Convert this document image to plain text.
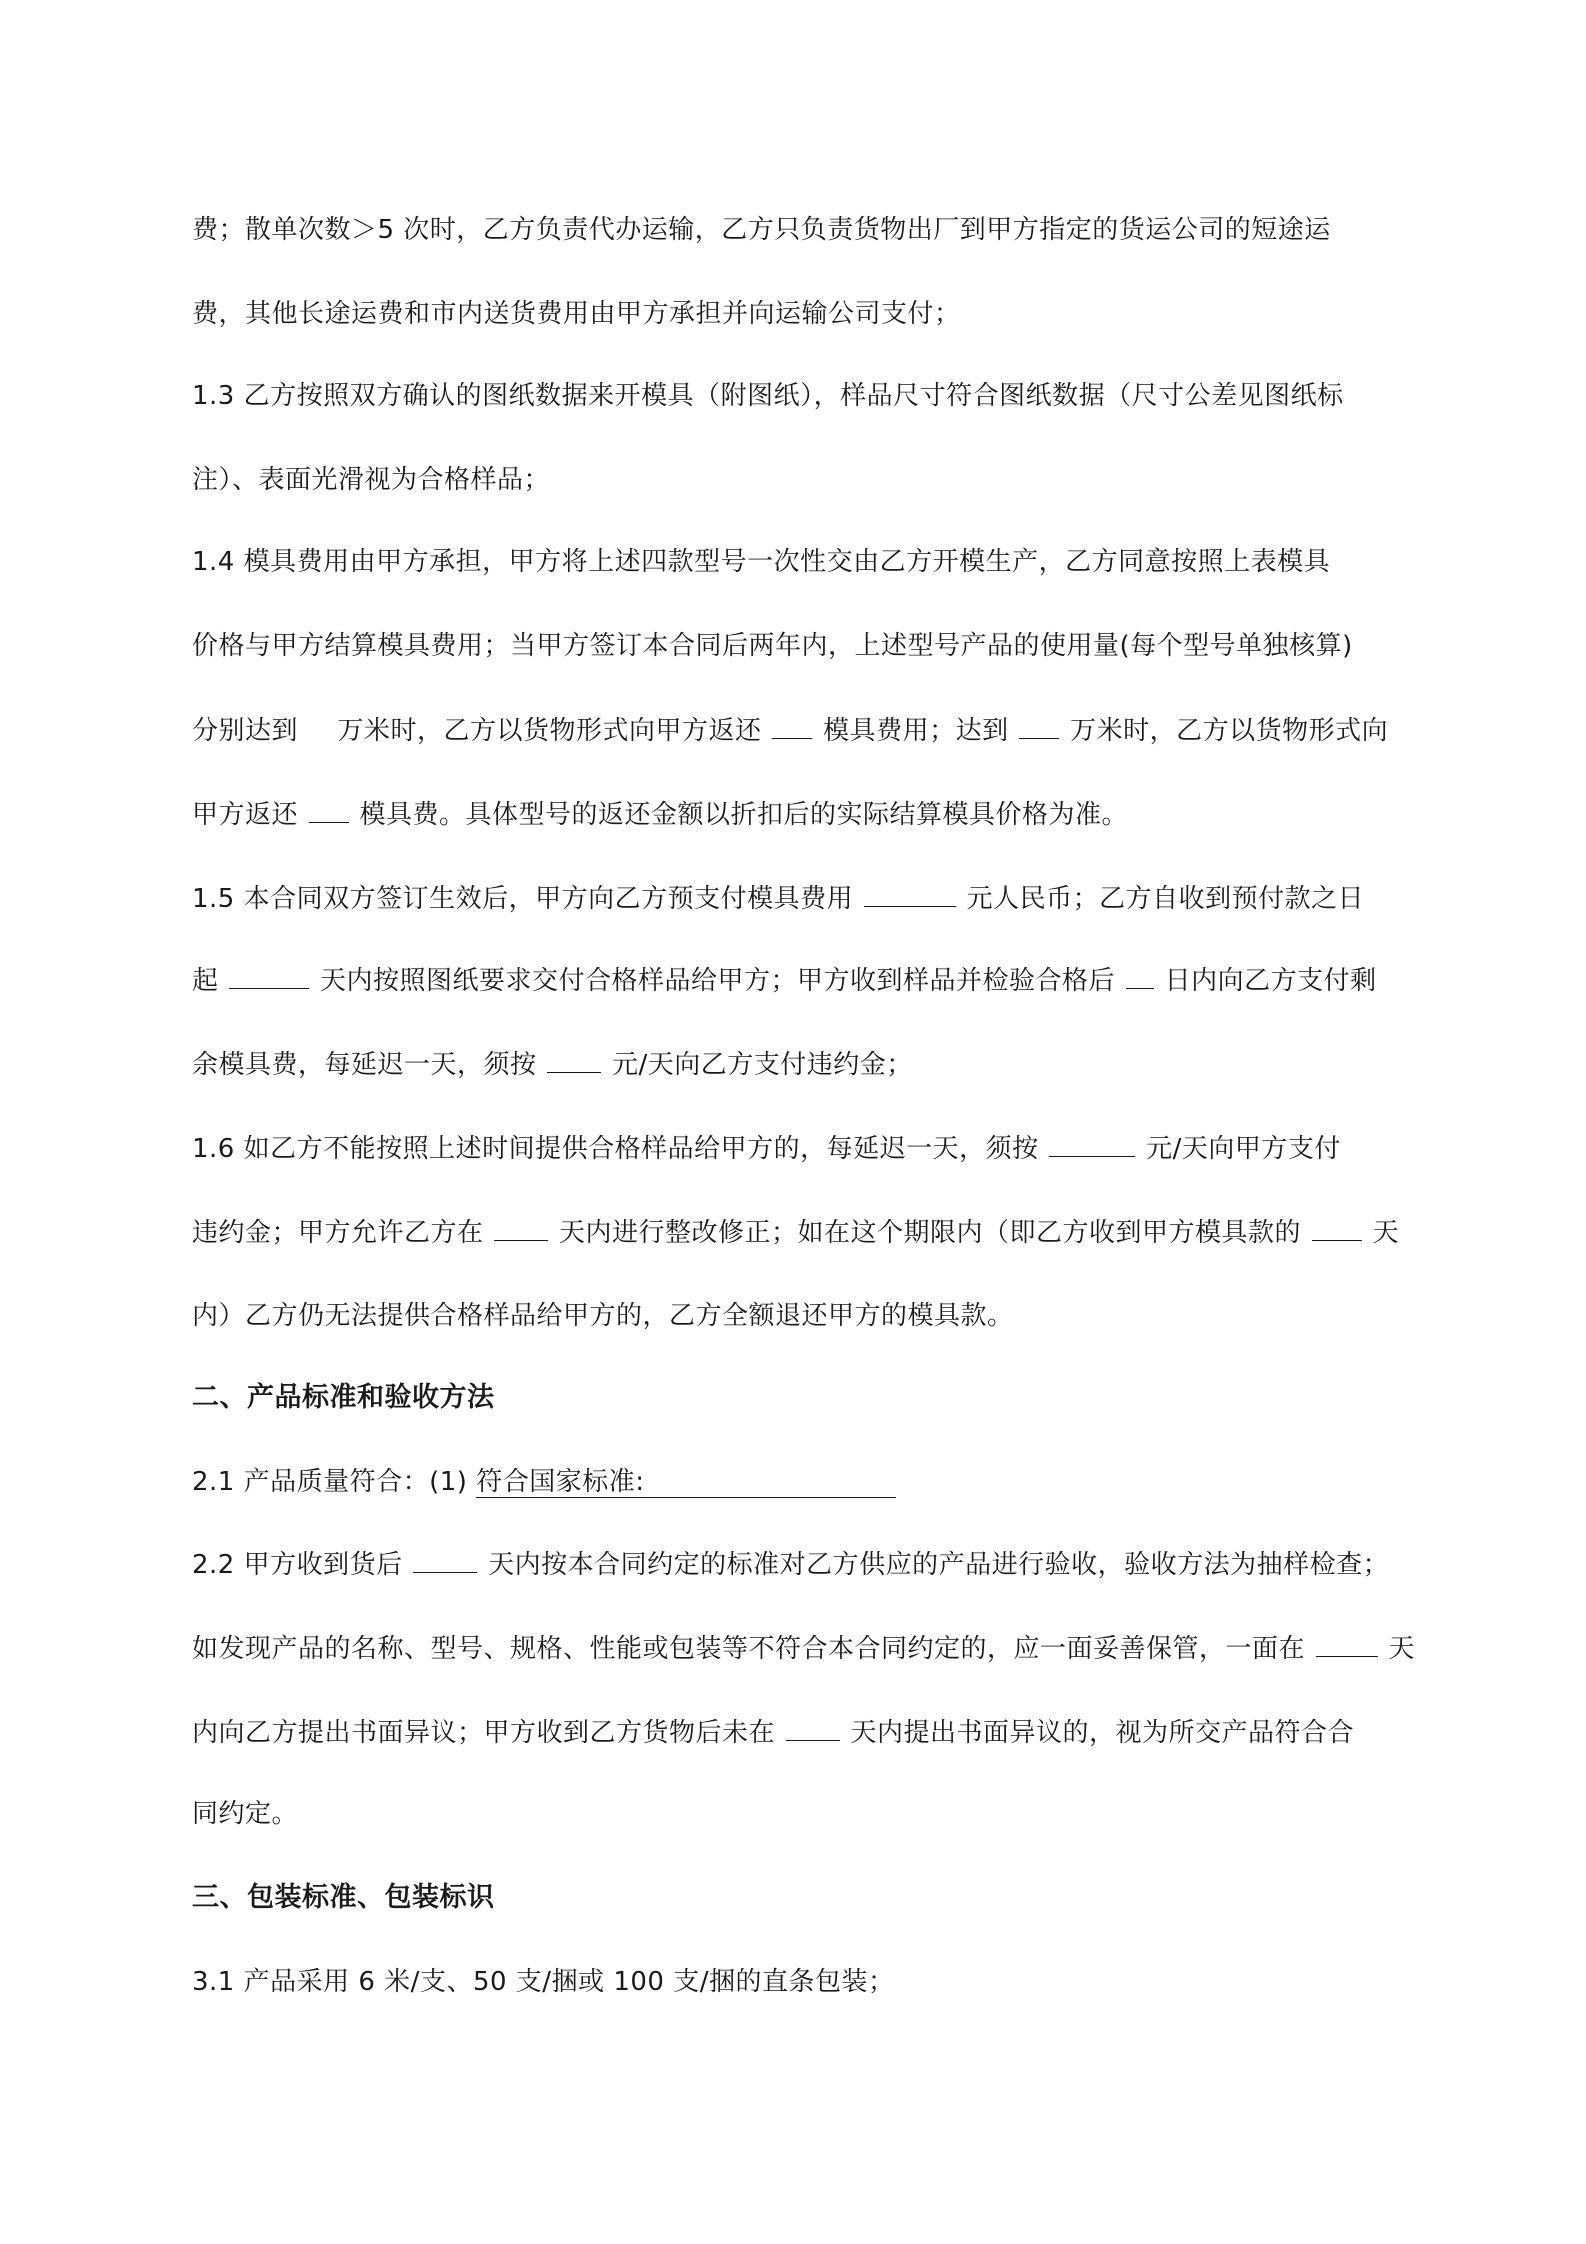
费；散单次数＞5 次时，乙方负责代办运输，乙方只负责货物出厂到甲方指定的货运公司的短途运
费，其他长途运费和市内送货费用由甲方承担并向运输公司支付；
1.3 乙方按照双方确认的图纸数据来开模具（附图纸），样品尺寸符合图纸数据（尺寸公差见图纸标
注）、表面光滑视为合格样品；
1.4 模具费用由甲方承担，甲方将上述四款型号一次性交由乙方开模生产，乙方同意按照上表模具
价格与甲方结算模具费用；当甲方签订本合同后两年内，上述型号产品的使用量(每个型号单独核算)
分别达到 万米时，乙方以货物形式向甲方返还 模具费用；达到 万米时，乙方以货物形式向
甲方返还 模具费。具体型号的返还金额以折扣后的实际结算模具价格为准。
1.5 本合同双方签订生效后，甲方向乙方预支付模具费用	元人民币；乙方自收到预付款之日
起	天内按照图纸要求交付合格样品给甲方；甲方收到样品并检验合格后 日内向乙方支付剩
余模具费，每延迟一天，须按	元/天向乙方支付违约金；
1.6 如乙方不能按照上述时间提供合格样品给甲方的，每延迟一天，须按	元/天向甲方支付
违约金；甲方允许乙方在	天内进行整改修正；如在这个期限内（即乙方收到甲方模具款的	天
内）乙方仍无法提供合格样品给甲方的，乙方全额退还甲方的模具款。
二、产品标准和验收方法
2.1 产品质量符合：(1) 符合国家标准:
2.2 甲方收到货后	天内按本合同约定的标准对乙方供应的产品进行验收，验收方法为抽样检查；
如发现产品的名称、型号、规格、性能或包装等不符合本合同约定的，应一面妥善保管，一面在	天
内向乙方提出书面异议；甲方收到乙方货物后未在	天内提出书面异议的，视为所交产品符合合
同约定。
三、包装标准、包装标识
3.1 产品采用 6 米/支、50 支/捆或 100 支/捆的直条包装；
